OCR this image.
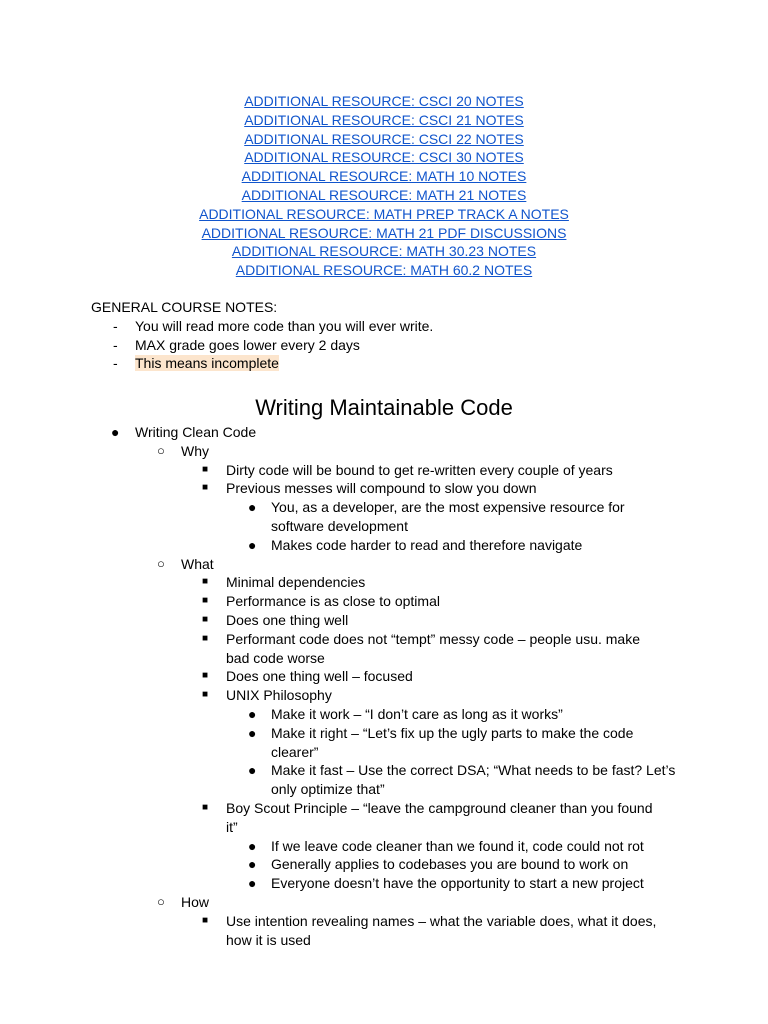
ADDITIONAL RESOURCE: CSCI 20 NOTES
ADDITIONAL RESOURCE: CSCI 21 NOTES
ADDITIONAL RESOURCE: CSCI 22 NOTES
ADDITIONAL RESOURCE: CSCI 30 NOTES
ADDITIONAL RESOURCE: MATH 10 NOTES
ADDITIONAL RESOURCE: MATH 21 NOTES
ADDITIONAL RESOURCE: MATH PREP TRACK A NOTES
ADDITIONAL RESOURCE: MATH 21 PDF DISCUSSIONS
ADDITIONAL RESOURCE: MATH 30.23 NOTES
ADDITIONAL RESOURCE: MATH 60.2 NOTES
GENERAL COURSE NOTES:
- You will read more code than you will ever write.
- MAX grade goes lower every 2 days
- This means incomplete
Writing Maintainable Code
● Writing Clean Code
○ Why
■ Dirty code will be bound to get re-written every couple of years
■ Previous messes will compound to slow you down
● You, as a developer, are the most expensive resource for software development
● Makes code harder to read and therefore navigate
○ What
■ Minimal dependencies
■ Performance is as close to optimal
■ Does one thing well
■ Performant code does not “tempt” messy code – people usu. make bad code worse
■ Does one thing well – focused
■ UNIX Philosophy
● Make it work – “I don’t care as long as it works”
● Make it right – “Let’s fix up the ugly parts to make the code clearer”
● Make it fast – Use the correct DSA; “What needs to be fast? Let’s only optimize that”
■ Boy Scout Principle – “leave the campground cleaner than you found it”
● If we leave code cleaner than we found it, code could not rot
● Generally applies to codebases you are bound to work on
● Everyone doesn’t have the opportunity to start a new project
○ How
■ Use intention revealing names – what the variable does, what it does, how it is used
